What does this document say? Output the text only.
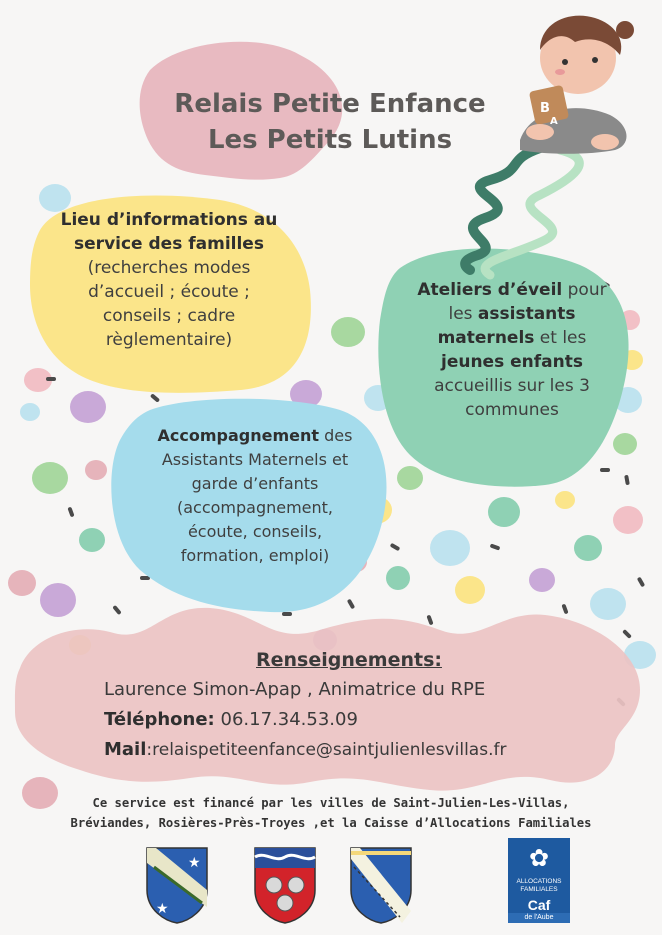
B
A
Relais Petite Enfance
Les Petits Lutins
Lieu d’informations au service des familles (recherches modes d’accueil ; écoute ; conseils ; cadre règlementaire)
Ateliers d’éveil pour les assistants maternels et les jeunes enfants accueillis sur les 3 communes
Accompagnement des Assistants Maternels et garde d’enfants (accompagnement, écoute, conseils, formation, emploi)
Renseignements:
Laurence Simon-Apap , Animatrice du RPE
Téléphone: 06.17.34.53.09
Mail:relaispetiteenfance@saintjulienlesvillas.fr
Ce service est financé par les villes de Saint-Julien-Les-Villas,
Bréviandes, Rosières-Près-Troyes ,et la Caisse d’Allocations Familiales
★
★
✿
ALLOCATIONS
FAMILIALES
Caf
de l'Aube
